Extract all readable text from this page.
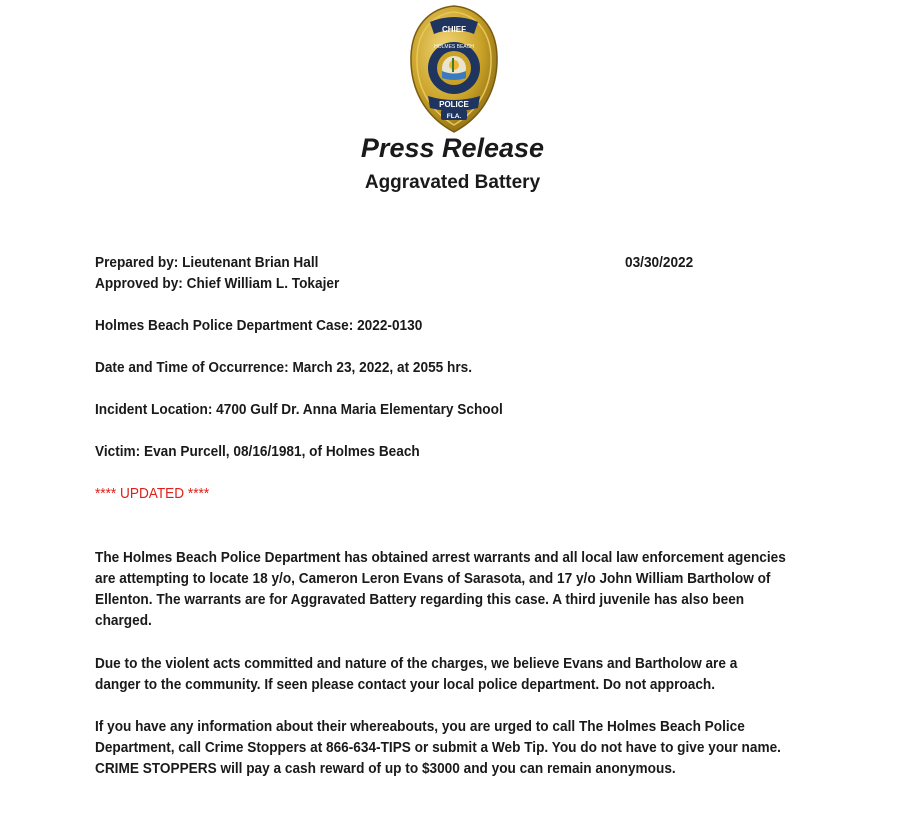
CHIEF
HOLMES BEACH
POLICE
FLA.
Press Release
Aggravated Battery
Prepared by: Lieutenant Brian Hall	03/30/2022
Approved by: Chief William L. Tokajer
Holmes Beach Police Department Case: 2022-0130
Date and Time of Occurrence: March 23, 2022, at 2055 hrs.
Incident Location: 4700 Gulf Dr. Anna Maria Elementary School
Victim: Evan Purcell, 08/16/1981, of Holmes Beach
**** UPDATED ****

The Holmes Beach Police Department has obtained arrest warrants and all local law enforcement agencies are attempting to locate 18 y/o, Cameron Leron Evans of Sarasota, and 17 y/o John William Bartholow of Ellenton. The warrants are for Aggravated Battery regarding this case. A third juvenile has also been charged.

Due to the violent acts committed and nature of the charges, we believe Evans and Bartholow are a danger to the community. If seen please contact your local police department. Do not approach.

If you have any information about their whereabouts, you are urged to call The Holmes Beach Police Department, call Crime Stoppers at 866-634-TIPS or submit a Web Tip. You do not have to give your name. CRIME STOPPERS will pay a cash reward of up to $3000 and you can remain anonymous.
